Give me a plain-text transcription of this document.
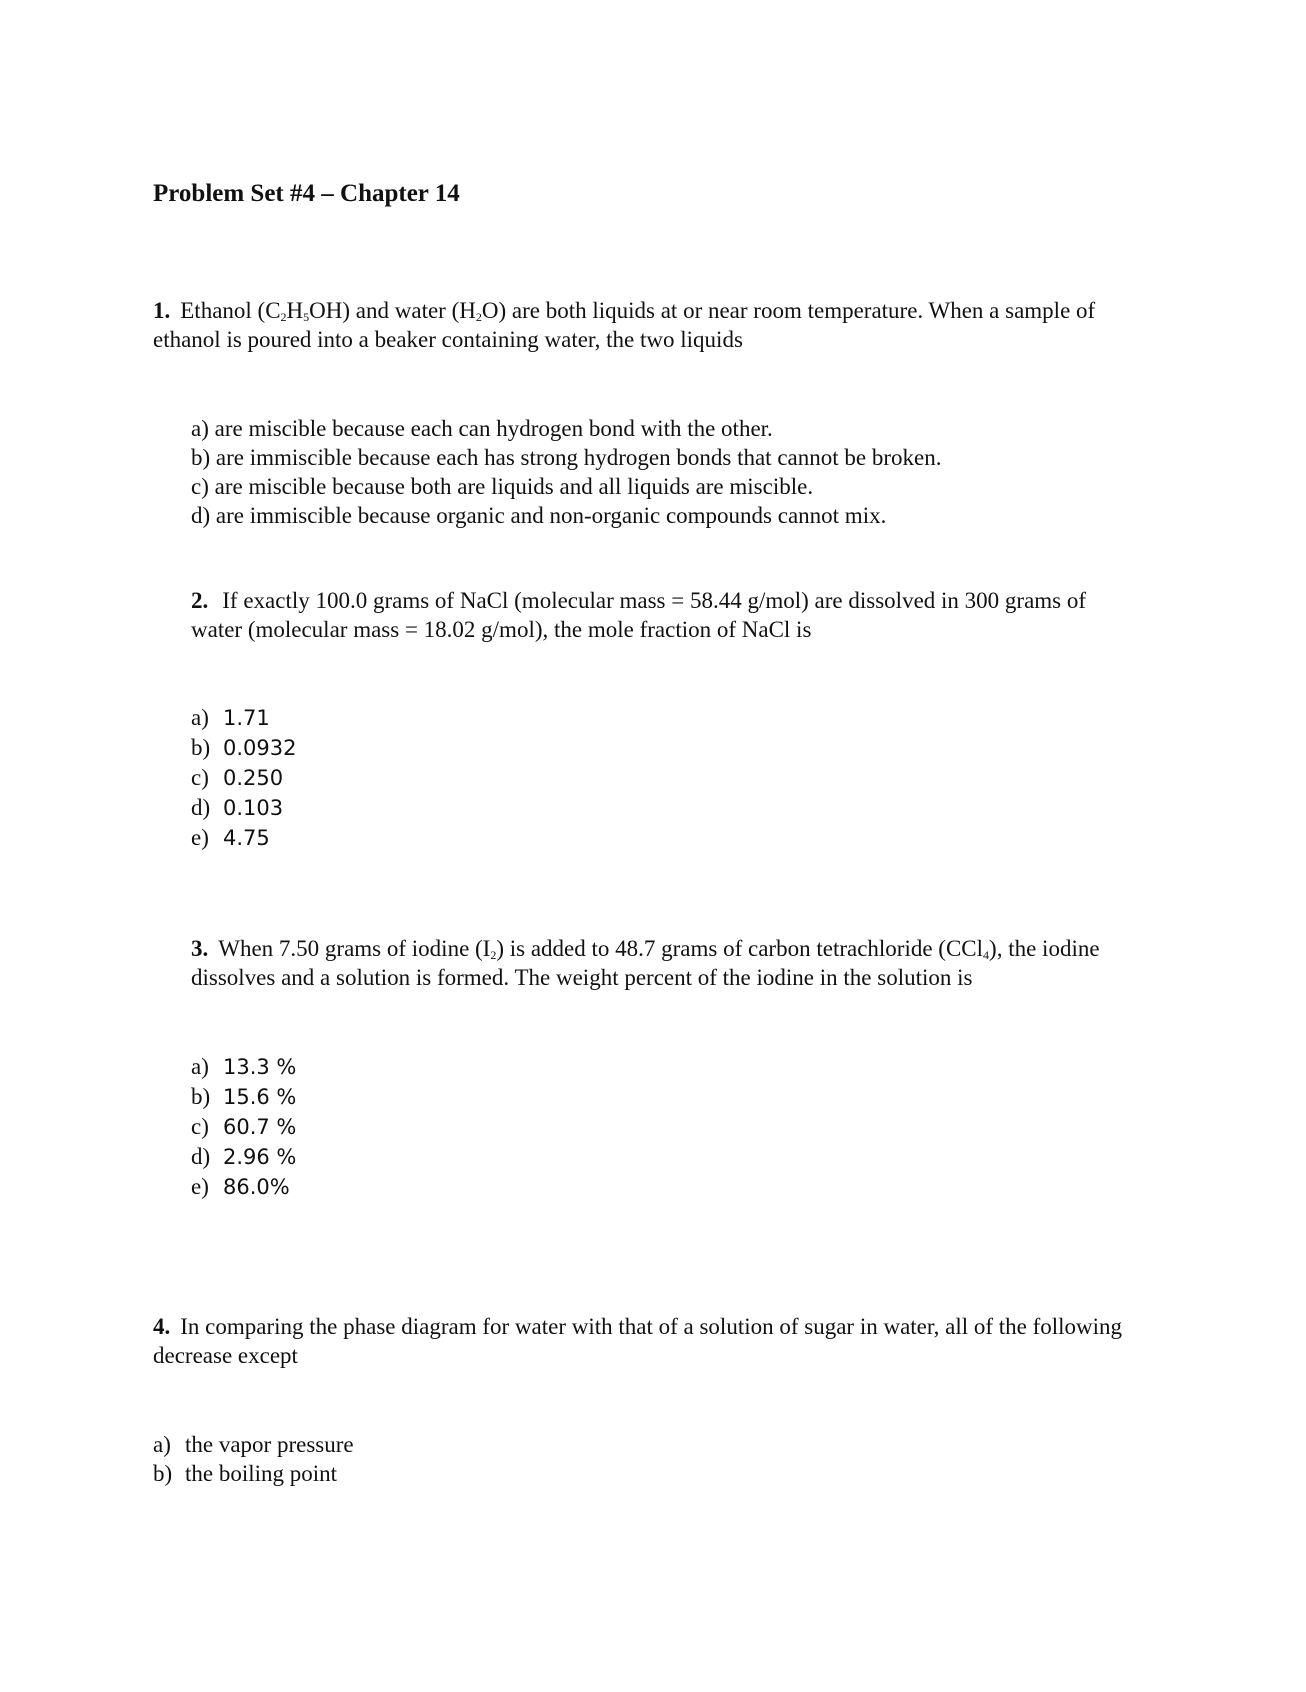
Problem Set #4 – Chapter 14
1. Ethanol $(C_2H_5OH)$ and water $(H_2O)$ are both liquids at or near room temperature. When a sample of ethanol is poured into a beaker containing water, the two liquids
a) are miscible because each can hydrogen bond with the other.
b) are immiscible because each has strong hydrogen bonds that cannot be broken.
c) are miscible because both are liquids and all liquids are miscible.
d) are immiscible because organic and non-organic compounds cannot mix.
2. If exactly 100.0 grams of NaCl (molecular mass = 58.44 g/mol) are dissolved in 300 grams of water (molecular mass = 18.02 g/mol), the mole fraction of NaCl is
a) 1.71
b) 0.0932
c) 0.250
d) 0.103
e) 4.75
3. When 7.50 grams of iodine $(I_2)$ is added to 48.7 grams of carbon tetrachloride (CCl$_4$), the iodine dissolves and a solution is formed. The weight percent of the iodine in the solution is
a) 13.3 %
b) 15.6 %
c) 60.7 %
d) 2.96 %
e) 86.0%
4. In comparing the phase diagram for water with that of a solution of sugar in water, all of the following decrease except
a) the vapor pressure
b) the boiling point
